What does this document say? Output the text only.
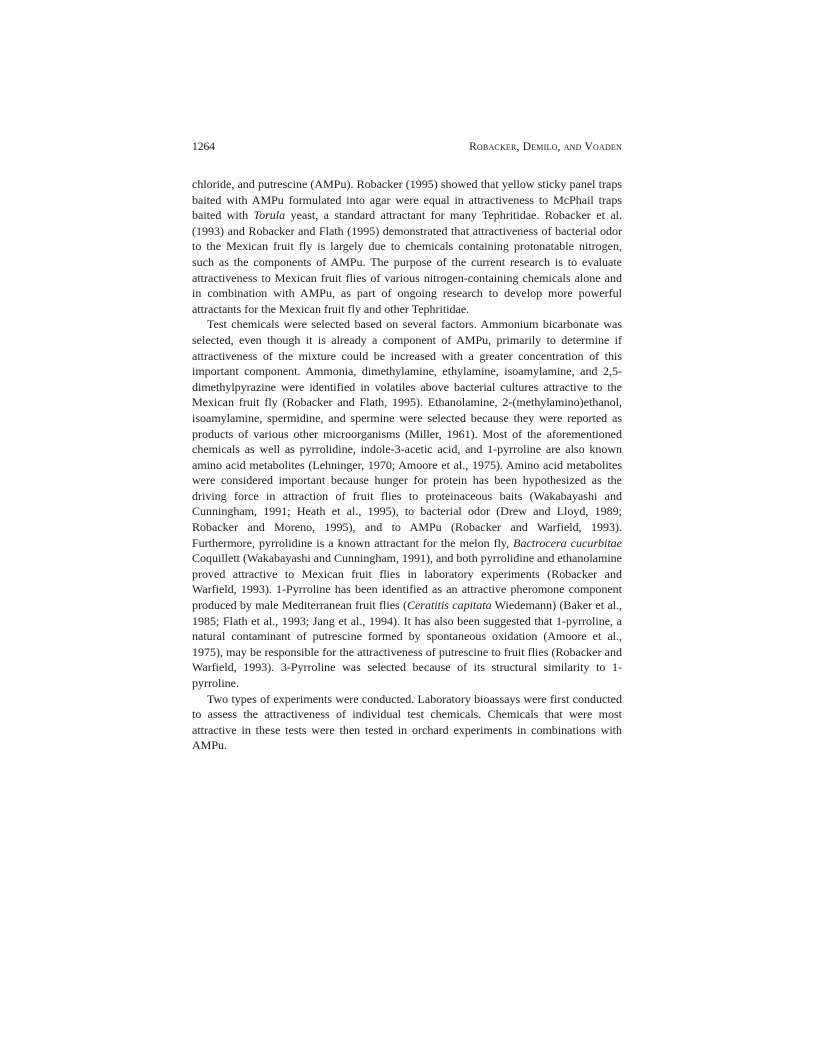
1264	Robacker, Demilo, and Voaden

chloride, and putrescine (AMPu). Robacker (1995) showed that yellow sticky panel traps baited with AMPu formulated into agar were equal in attractiveness to McPhail traps baited with Torula yeast, a standard attractant for many Tephritidae. Robacker et al. (1993) and Robacker and Flath (1995) demonstrated that attractiveness of bacterial odor to the Mexican fruit fly is largely due to chemicals containing protonatable nitrogen, such as the components of AMPu. The purpose of the current research is to evaluate attractiveness to Mexican fruit flies of various nitrogen-containing chemicals alone and in combination with AMPu, as part of ongoing research to develop more powerful attractants for the Mexican fruit fly and other Tephritidae.

Test chemicals were selected based on several factors. Ammonium bicarbonate was selected, even though it is already a component of AMPu, primarily to determine if attractiveness of the mixture could be increased with a greater concentration of this important component. Ammonia, dimethylamine, ethylamine, isoamylamine, and 2,5-dimethylpyrazine were identified in volatiles above bacterial cultures attractive to the Mexican fruit fly (Robacker and Flath, 1995). Ethanolamine, 2-(methylamino)ethanol, isoamylamine, spermidine, and spermine were selected because they were reported as products of various other microorganisms (Miller, 1961). Most of the aforementioned chemicals as well as pyrrolidine, indole-3-acetic acid, and 1-pyrroline are also known amino acid metabolites (Lehninger, 1970; Amoore et al., 1975). Amino acid metabolites were considered important because hunger for protein has been hypothesized as the driving force in attraction of fruit flies to proteinaceous baits (Wakabayashi and Cunningham, 1991; Heath et al., 1995), to bacterial odor (Drew and Lloyd, 1989; Robacker and Moreno, 1995), and to AMPu (Robacker and Warfield, 1993). Furthermore, pyrrolidine is a known attractant for the melon fly, Bactrocera cucurbitae Coquillett (Wakabayashi and Cunningham, 1991), and both pyrrolidine and ethanolamine proved attractive to Mexican fruit flies in laboratory experiments (Robacker and Warfield, 1993). 1-Pyrroline has been identified as an attractive pheromone component produced by male Mediterranean fruit flies (Ceratitis capitata Wiedemann) (Baker et al., 1985; Flath et al., 1993; Jang et al., 1994). It has also been suggested that 1-pyrroline, a natural contaminant of putrescine formed by spontaneous oxidation (Amoore et al., 1975), may be responsible for the attractiveness of putrescine to fruit flies (Robacker and Warfield, 1993). 3-Pyrroline was selected because of its structural similarity to 1-pyrroline.

Two types of experiments were conducted. Laboratory bioassays were first conducted to assess the attractiveness of individual test chemicals. Chemicals that were most attractive in these tests were then tested in orchard experiments in combinations with AMPu.
